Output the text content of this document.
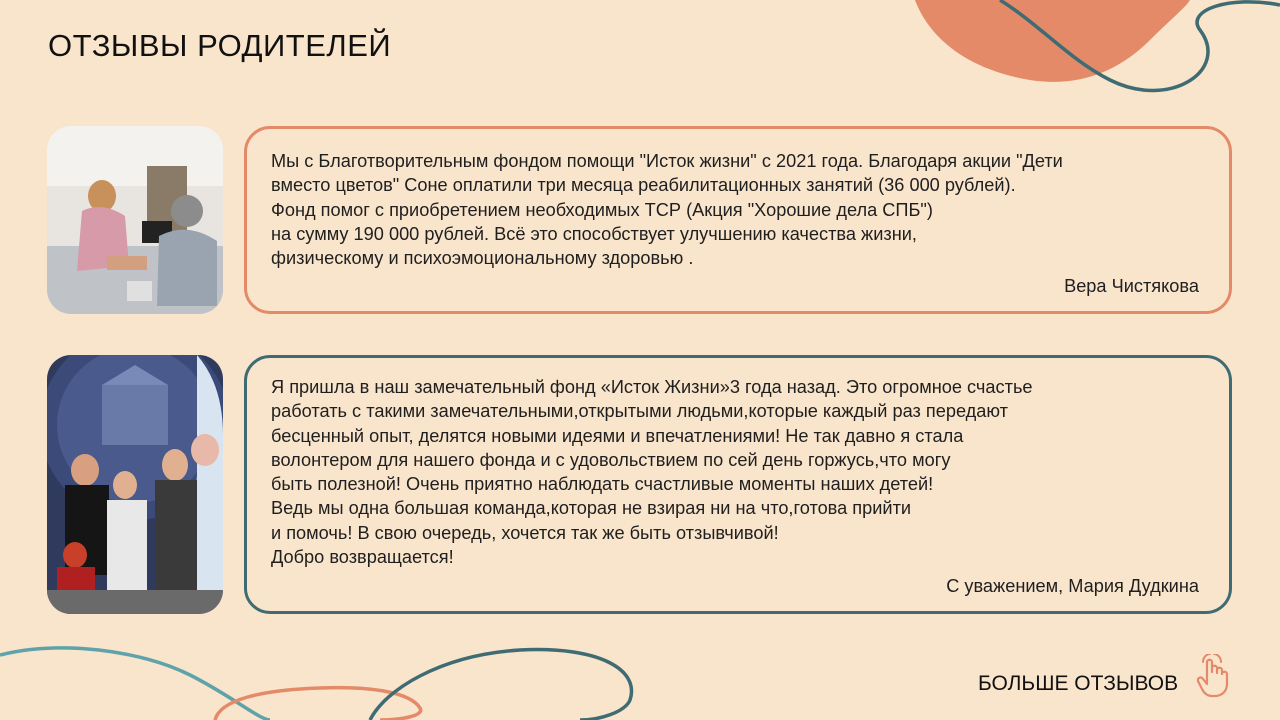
ОТЗЫВЫ РОДИТЕЛЕЙ

Мы с Благотворительным фондом помощи "Исток жизни" с 2021 года. Благодаря акции "Дети
вместо цветов" Соне оплатили три месяца реабилитационных занятий (36 000 рублей).
Фонд помог с приобретением необходимых ТСР (Акция "Хорошие дела СПБ")
на сумму 190 000 рублей. Всё это способствует улучшению качества жизни,
физическому и психоэмоциональному здоровью .

Вера Чистякова

Я пришла в наш замечательный фонд «Исток Жизни»3 года назад. Это огромное счастье
работать с такими замечательными,открытыми людьми,которые каждый раз передают
бесценный опыт, делятся новыми идеями и впечатлениями! Не так давно я стала
волонтером для нашего фонда и с удовольствием по сей день горжусь,что могу
быть полезной! Очень приятно наблюдать счастливые моменты наших детей!
Ведь мы одна большая команда,которая не взирая ни на что,готова прийти
и помочь! В свою очередь, хочется так же быть отзывчивой!
Добро возвращается!

С уважением, Мария Дудкина
БОЛЬШЕ ОТЗЫВОВ
